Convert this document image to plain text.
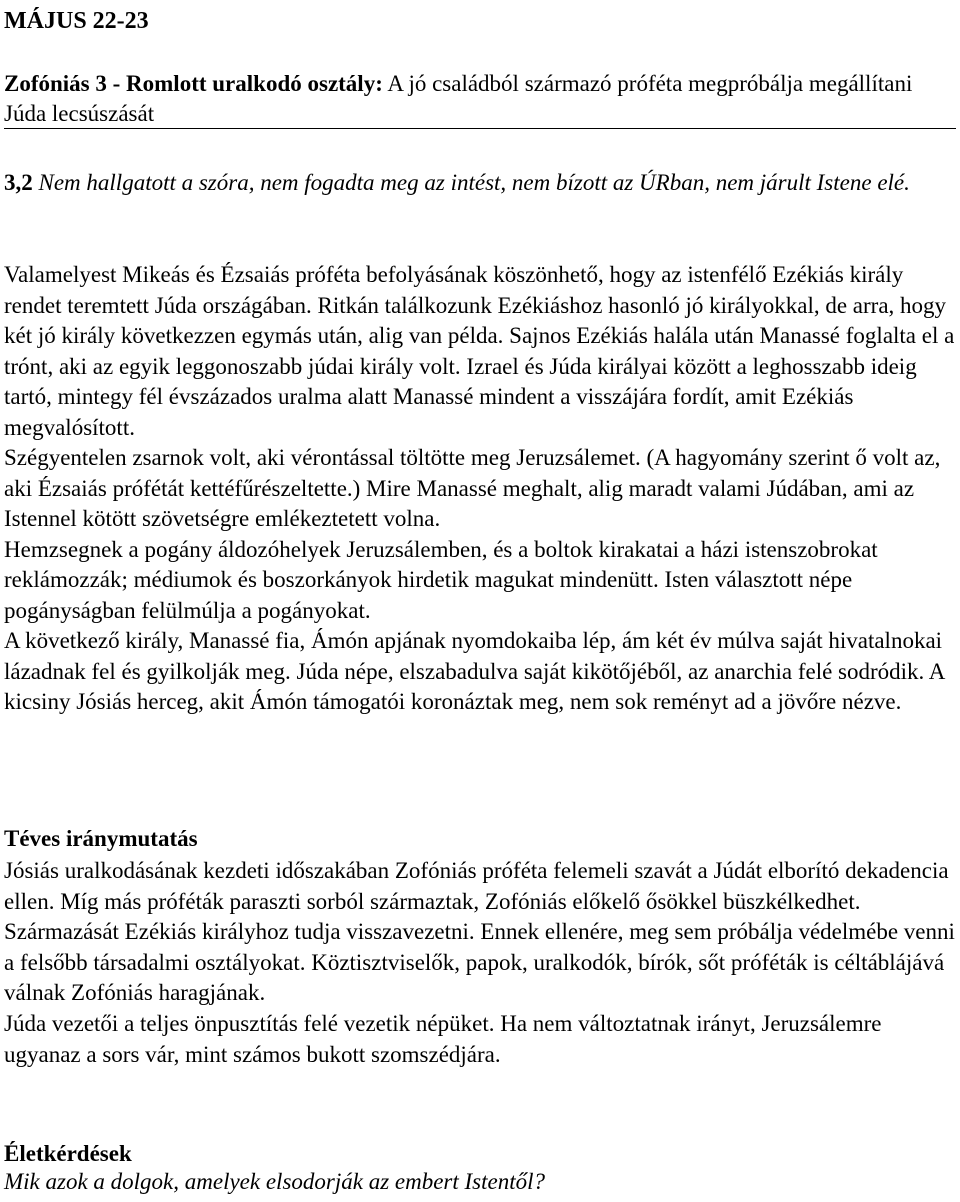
MÁJUS 22-23
Zofóniás 3 - Romlott uralkodó osztály: A jó családból származó próféta megpróbálja megállítani Júda lecsúszását
3,2 Nem hallgatott a szóra, nem fogadta meg az intést, nem bízott az ÚRban, nem járult Istene elé.

Valamelyest Mikeás és Ézsaiás próféta befolyásának köszönhető, hogy az istenfélő Ezékiás király rendet teremtett Júda országában. Ritkán találkozunk Ezékiáshoz hasonló jó királyokkal, de arra, hogy két jó király következzen egymás után, alig van példa. Sajnos Ezékiás halála után Manassé foglalta el a trónt, aki az egyik leggonoszabb júdai király volt. Izrael és Júda királyai között a leghosszabb ideig tartó, mintegy fél évszázados uralma alatt Manassé mindent a visszájára fordít, amit Ezékiás megvalósított.

Szégyentelen zsarnok volt, aki vérontással töltötte meg Jeruzsálemet. (A hagyomány szerint ő volt az, aki Ézsaiás prófétát kettéfűrészeltette.) Mire Manassé meghalt, alig maradt valami Júdában, ami az Istennel kötött szövetségre emlékeztetett volna.

Hemzsegnek a pogány áldozóhelyek Jeruzsálemben, és a boltok kirakatai a házi istenszobrokat reklámozzák; médiumok és boszorkányok hirdetik magukat mindenütt. Isten választott népe pogányságban felülmúlja a pogányokat.

A következő király, Manassé fia, Ámón apjának nyomdokaiba lép, ám két év múlva saját hivatalnokai lázadnak fel és gyilkolják meg. Júda népe, elszabadulva saját kikötőjéből, az anarchia felé sodródik. A kicsiny Jósiás herceg, akit Ámón támogatói koronáztak meg, nem sok reményt ad a jövőre nézve.

Téves iránymutatás

Jósiás uralkodásának kezdeti időszakában Zofóniás próféta felemeli szavát a Júdát elborító dekadencia ellen. Míg más próféták paraszti sorból származtak, Zofóniás előkelő ősökkel büszkélkedhet. Származását Ezékiás királyhoz tudja visszavezetni. Ennek ellenére, meg sem próbálja védelmébe venni a felsőbb társadalmi osztályokat. Köztisztviselők, papok, uralkodók, bírók, sőt próféták is céltáblájává válnak Zofóniás haragjának.

Júda vezetői a teljes önpusztítás felé vezetik népüket. Ha nem változtatnak irányt, Jeruzsálemre ugyanaz a sors vár, mint számos bukott szomszédjára.

Életkérdések
Mik azok a dolgok, amelyek elsodorják az embert Istentől?
